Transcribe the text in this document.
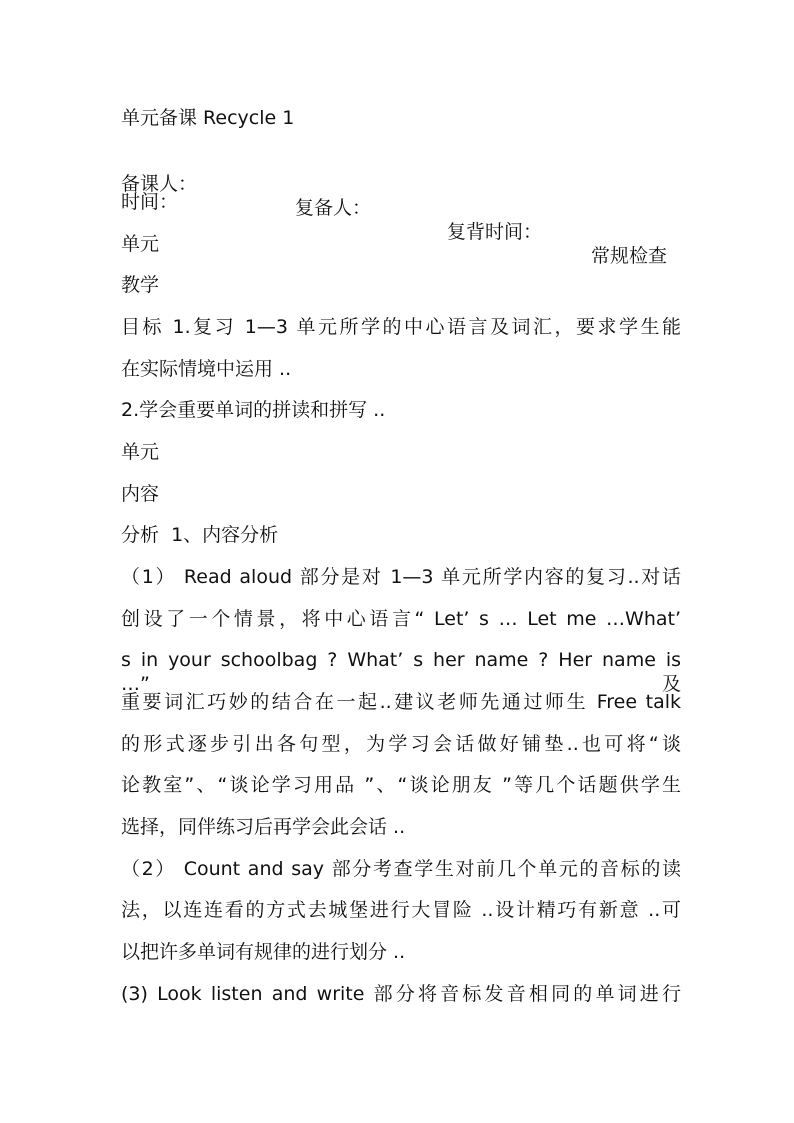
单元备课 Recycle 1

备课人：

复备人：

复背时间：

常规检查

时间：
单元
教学
目标 1.复习 1—3 单元所学的中心语言及词汇，要求学生能
在实际情境中运用 ..
2.学会重要单词的拼读和拼写 ..
单元
内容
分析  1、内容分析
（1） Read aloud 部分是对 1—3 单元所学内容的复习..对话
创设了一个情景，将中心语言“ Let’ s … Let me …What’
s in your schoolbag ? What’ s her name ? Her name is …”及
重要词汇巧妙的结合在一起..建议老师先通过师生 Free talk
的形式逐步引出各句型，为学习会话做好铺垫..也可将“谈
论教室”、“谈论学习用品 ”、“谈论朋友 ”等几个话题供学生
选择，同伴练习后再学会此会话 ..
（2） Count and say 部分考查学生对前几个单元的音标的读
法，以连连看的方式去城堡进行大冒险 ..设计精巧有新意 ..可
以把许多单词有规律的进行划分 ..
(3) Look listen and write 部分将音标发音相同的单词进行
